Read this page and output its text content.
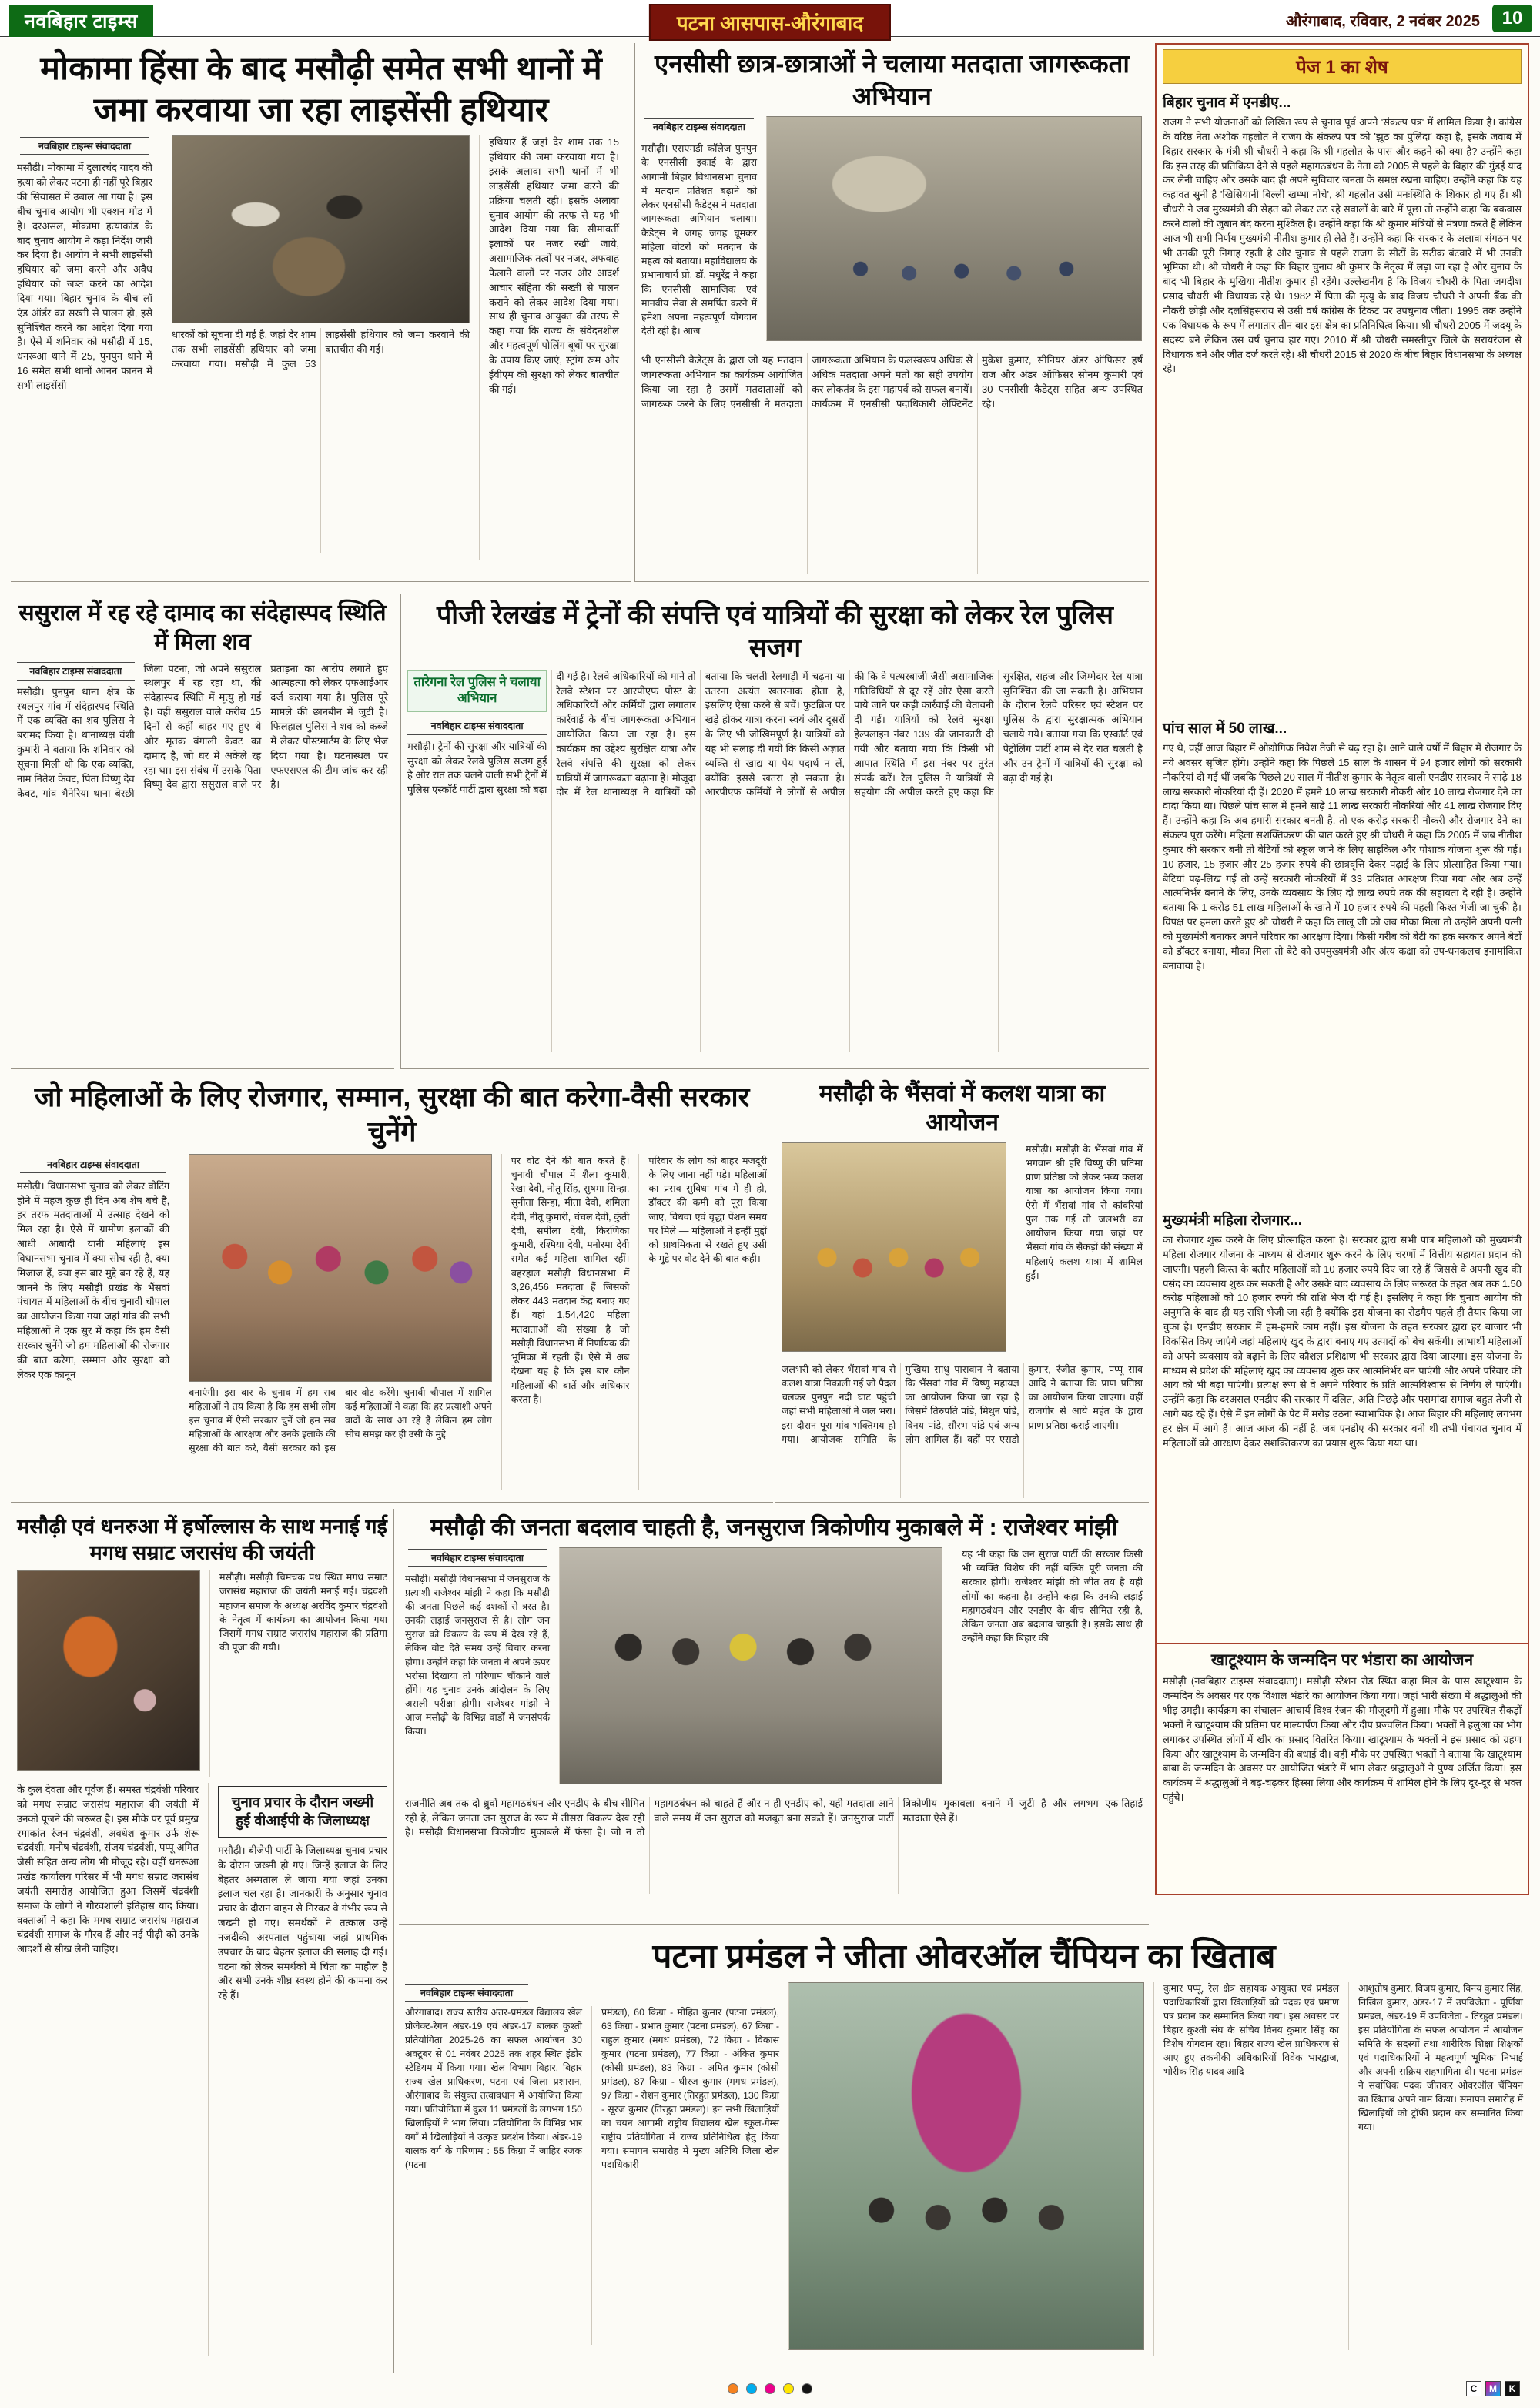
नवबिहार टाइम्स	पटना आसपास-औरंगाबाद	औरंगाबाद, रविवार, 2 नवंबर 2025	10
मोकामा हिंसा के बाद मसौढ़ी समेत सभी थानों में जमा करवाया जा रहा लाइसेंसी हथियार
नवबिहार टाइम्स संवाददाता
मसौढ़ी। मोकामा में दुलारचंद यादव की हत्या को लेकर पटना ही नहीं पूरे बिहार की सियासत में उबाल आ गया है। इस बीच चुनाव आयोग भी एक्शन मोड में है। दरअसल, मोकामा हत्याकांड के बाद चुनाव आयोग ने कड़ा निर्देश जारी कर दिया है। आयोग ने सभी लाइसेंसी हथियार को जमा करने और अवैध हथियार को जब्त करने का आदेश दिया गया। बिहार चुनाव के बीच लॉ एंड ऑर्डर का सख्ती से पालन हो, इसे सुनिश्चित करने का आदेश दिया गया है। ऐसे में शनिवार को मसौढ़ी में 15, धनरूआ थाने में 25, पुनपुन थाने में 16 समेत सभी थानों आनन फानन में सभी लाइसेंसी
धारकों को सूचना दी गई है, जहां देर शाम तक सभी लाइसेंसी हथियार को जमा करवाया गया। मसौढ़ी में कुल 53 लाइसेंसी हथियार को जमा करवाने की बातचीत की गई।
हथियार हैं जहां देर शाम तक 15 हथियार की जमा करवाया गया है। इसके अलावा सभी थानों में भी लाइसेंसी हथियार जमा करने की प्रक्रिया चलती रही। इसके अलावा चुनाव आयोग की तरफ से यह भी आदेश दिया गया कि सीमावर्ती इलाकों पर नजर रखी जाये, असामाजिक तत्वों पर नजर, अफवाह फैलाने वालों पर नजर और आदर्श आचार संहिता की सख्ती से पालन कराने को लेकर आदेश दिया गया। साथ ही चुनाव आयुक्त की तरफ से कहा गया कि राज्य के संवेदनशील और महत्वपूर्ण पोलिंग बूथों पर सुरक्षा के उपाय किए जाएं, स्ट्रांग रूम और ईवीएम की सुरक्षा को लेकर बातचीत की गई।
एनसीसी छात्र-छात्राओं ने चलाया मतदाता जागरूकता अभियान
नवबिहार टाइम्स संवाददाता
मसौढ़ी। एसएमडी कॉलेज पुनपुन के एनसीसी इकाई के द्वारा आगामी बिहार विधानसभा चुनाव में मतदान प्रतिशत बढ़ाने को लेकर एनसीसी कैडेट्स ने मतदाता जागरूकता अभियान चलाया। कैडेट्स ने जगह जगह घूमकर महिला वोटरों को मतदान के महत्व को बताया। महाविद्यालय के प्रभानाचार्य प्रो. डॉ. मधुरेंद्र ने कहा कि एनसीसी सामाजिक एवं मानवीय सेवा से समर्पित करने में हमेशा अपना महत्वपूर्ण योगदान देती रही है। आज
भी एनसीसी कैडेट्स के द्वारा जो यह मतदान जागरूकता अभियान का कार्यक्रम आयोजित किया जा रहा है उसमें मतदाताओं को जागरूक करने के लिए एनसीसी ने मतदाता जागरूकता अभियान के फलस्वरूप अधिक से अधिक मतदाता अपने मतों का सही उपयोग कर लोकतंत्र के इस महापर्व को सफल बनायें। कार्यक्रम में एनसीसी पदाधिकारी लेफ्टिनेंट मुकेश कुमार, सीनियर अंडर ऑफिसर हर्ष राज और अंडर ऑफिसर सोनम कुमारी एवं 30 एनसीसी कैडेट्स सहित अन्य उपस्थित रहे।
पेज 1 का शेष
बिहार चुनाव में एनडीए...
राजग ने सभी योजनाओं को लिखित रूप से चुनाव पूर्व अपने 'संकल्प पत्र' में शामिल किया है। कांग्रेस के वरिष्ठ नेता अशोक गहलोत ने राजग के संकल्प पत्र को 'झूठ का पुलिंदा' कहा है, इसके जवाब में बिहार सरकार के मंत्री श्री चौधरी ने कहा कि श्री गहलोत के पास और कहने को क्या है? उन्होंने कहा कि इस तरह की प्रतिक्रिया देने से पहले महागठबंधन के नेता को 2005 से पहले के बिहार की गुंडई याद कर लेनी चाहिए और उसके बाद ही अपने सुविचार जनता के समक्ष रखना चाहिए। उन्होंने कहा कि यह कहावत सुनी है 'खिसियानी बिल्ली खम्भा नोचे', श्री गहलोत उसी मनःस्थिति के शिकार हो गए हैं। श्री चौधरी ने जब मुख्यमंत्री की सेहत को लेकर उठ रहे सवालों के बारे में पूछा तो उन्होंने कहा कि बकवास करने वालों की जुबान बंद करना मुश्किल है। उन्होंने कहा कि श्री कुमार मंत्रियों से मंत्रणा करते हैं लेकिन आज भी सभी निर्णय मुख्यमंत्री नीतीश कुमार ही लेते हैं। उन्होंने कहा कि सरकार के अलावा संगठन पर भी उनकी पूरी निगाह रहती है और चुनाव से पहले राजग के सीटों के सटीक बंटवारे में भी उनकी भूमिका थी। श्री चौधरी ने कहा कि बिहार चुनाव श्री कुमार के नेतृत्व में लड़ा जा रहा है और चुनाव के बाद भी बिहार के मुखिया नीतीश कुमार ही रहेंगे। उल्लेखनीय है कि विजय चौधरी के पिता जगदीश प्रसाद चौधरी भी विधायक रहे थे। 1982 में पिता की मृत्यु के बाद विजय चौधरी ने अपनी बैंक की नौकरी छोड़ी और दलसिंहसराय से उसी वर्ष कांग्रेस के टिकट पर उपचुनाव जीता। 1995 तक उन्होंने एक विधायक के रूप में लगातार तीन बार इस क्षेत्र का प्रतिनिधित्व किया। श्री चौधरी 2005 में जदयू के सदस्य बने लेकिन उस वर्ष चुनाव हार गए। 2010 में श्री चौधरी समस्तीपुर जिले के सरायरंजन से विधायक बने और जीत दर्ज करते रहे। श्री चौधरी 2015 से 2020 के बीच बिहार विधानसभा के अध्यक्ष रहे।
पांच साल में 50 लाख...
गए थे, वहीं आज बिहार में औद्योगिक निवेश तेजी से बढ़ रहा है। आने वाले वर्षों में बिहार में रोजगार के नये अवसर सृजित होंगे। उन्होंने कहा कि पिछले 15 साल के शासन में 94 हजार लोगों को सरकारी नौकरियां दी गई थीं जबकि पिछले 20 साल में नीतीश कुमार के नेतृत्व वाली एनडीए सरकार ने साढ़े 18 लाख सरकारी नौकरियां दी हैं। 2020 में हमने 10 लाख सरकारी नौकरी और 10 लाख रोजगार देने का वादा किया था। पिछले पांच साल में हमने साढ़े 11 लाख सरकारी नौकरियां और 41 लाख रोजगार दिए हैं। उन्होंने कहा कि अब हमारी सरकार बनती है, तो एक करोड़ सरकारी नौकरी और रोजगार देने का संकल्प पूरा करेंगे। महिला सशक्तिकरण की बात करते हुए श्री चौधरी ने कहा कि 2005 में जब नीतीश कुमार की सरकार बनी तो बेटियों को स्कूल जाने के लिए साइकिल और पोशाक योजना शुरू की गई। 10 हजार, 15 हजार और 25 हजार रुपये की छात्रवृत्ति देकर पढ़ाई के लिए प्रोत्साहित किया गया। बेटियां पढ़-लिख गई तो उन्हें सरकारी नौकरियों में 33 प्रतिशत आरक्षण दिया गया और अब उन्हें आत्मनिर्भर बनाने के लिए, उनके व्यवसाय के लिए दो लाख रुपये तक की सहायता दे रही है। उन्होंने बताया कि 1 करोड़ 51 लाख महिलाओं के खाते में 10 हजार रुपये की पहली किश्त भेजी जा चुकी है। विपक्ष पर हमला करते हुए श्री चौधरी ने कहा कि लालू जी को जब मौका मिला तो उन्होंने अपनी पत्नी को मुख्यमंत्री बनाकर अपने परिवार का आरक्षण दिया। किसी गरीब को बेटी का हक सरकार अपने बेटों को डॉक्टर बनाया, मौका मिला तो बेटे को उपमुख्यमंत्री और अंत्य कक्षा को उप-धनकलच इनामांकित बनावाया है।
मुख्यमंत्री महिला रोजगार...
का रोजगार शुरू करने के लिए प्रोत्साहित करना है। सरकार द्वारा सभी पात्र महिलाओं को मुख्यमंत्री महिला रोजगार योजना के माध्यम से रोजगार शुरू करने के लिए चरणों में वित्तीय सहायता प्रदान की जाएगी। पहली किस्त के बतौर महिलाओं को 10 हजार रुपये दिए जा रहे हैं जिससे वे अपनी खुद की पसंद का व्यवसाय शुरू कर सकती हैं और उसके बाद व्यवसाय के लिए जरूरत के तहत अब तक 1.50 करोड़ महिलाओं को 10 हजार रुपये की राशि भेज दी गई है। इसलिए ने कहा कि चुनाव आयोग की अनुमति के बाद ही यह राशि भेजी जा रही है क्योंकि इस योजना का रोडमैप पहले ही तैयार किया जा चुका है। एनडीए सरकार में हम-हमारे काम नहीं। इस योजना के तहत सरकार द्वारा हर बाजार भी विकसित किए जाएंगे जहां महिलाएं खुद के द्वारा बनाए गए उत्पादों को बेच सकेंगी। लाभार्थी महिलाओं को अपने व्यवसाय को बढ़ाने के लिए कौशल प्रशिक्षण भी सरकार द्वारा दिया जाएगा। इस योजना के माध्यम से प्रदेश की महिलाएं खुद का व्यवसाय शुरू कर आत्मनिर्भर बन पाएंगी और अपने परिवार की आय को भी बढ़ा पाएंगी। प्रत्यक्ष रूप से वे अपने परिवार के प्रति आत्मविश्वास से निर्णय ले पाएंगी। उन्होंने कहा कि दरअसल एनडीए की सरकार में दलित, अति पिछड़े और पसमांदा समाज बहुत तेजी से आगे बढ़ रहे हैं। ऐसे में इन लोगों के पेट में मरोड़ उठना स्वाभाविक है। आज बिहार की महिलाएं लगभग हर क्षेत्र में आगे हैं। आज आज की नहीं है, जब एनडीए की सरकार बनी थी तभी पंचायत चुनाव में महिलाओं को आरक्षण देकर सशक्तिकरण का प्रयास शुरू किया गया था।
खाटूश्याम के जन्मदिन पर भंडारा का आयोजन
मसौढ़ी (नवबिहार टाइम्स संवाददाता)। मसौढ़ी स्टेशन रोड स्थित कहा मिल के पास खाटूश्याम के जन्मदिन के अवसर पर एक विशाल भंडारे का आयोजन किया गया। जहां भारी संख्या में श्रद्धालुओं की भीड़ उमड़ी। कार्यक्रम का संचालन आचार्य विश्व रंजन की मौजूदगी में हुआ। मौके पर उपस्थित सैकड़ों भक्तों ने खाटूश्याम की प्रतिमा पर माल्यार्पण किया और दीप प्रज्वलित किया। भक्तों ने हलुआ का भोग लगाकर उपस्थित लोगों में खीर का प्रसाद वितरित किया। खाटूश्याम के भक्तों ने इस प्रसाद को ग्रहण किया और खाटूश्याम के जन्मदिन की बधाई दी। वहीं मौके पर उपस्थित भक्तों ने बताया कि खाटूश्याम बाबा के जन्मदिन के अवसर पर आयोजित भंडारे में भाग लेकर श्रद्धालुओं ने पुण्य अर्जित किया। इस कार्यक्रम में श्रद्धालुओं ने बढ़-चढ़कर हिस्सा लिया और कार्यक्रम में शामिल होने के लिए दूर-दूर से भक्त पहुंचे।
ससुराल में रह रहे दामाद का संदेहास्पद स्थिति में मिला शव
नवबिहार टाइम्स संवाददाता
मसौढ़ी। पुनपुन थाना क्षेत्र के स्थलपुर गांव में संदेहास्पद स्थिति में एक व्यक्ति का शव पुलिस ने बरामद किया है। थानाध्यक्ष वंशी कुमारी ने बताया कि शनिवार को सूचना मिली थी कि एक व्यक्ति, नाम नितेश केवट, पिता विष्णु देव केवट, गांव भैनेरिया थाना बेरछी जिला पटना, जो अपने ससुराल स्थलपुर में रह रहा था, की संदेहास्पद स्थिति में मृत्यु हो गई है। वहीं ससुराल वाले करीब 15 दिनों से कहीं बाहर गए हुए थे और मृतक बंगाली केवट का दामाद है, जो घर में अकेले रह रहा था। इस संबंध में उसके पिता विष्णु देव द्वारा ससुराल वाले पर प्रताड़ना का आरोप लगाते हुए आत्महत्या को लेकर एफआईआर दर्ज कराया गया है। पुलिस पूरे मामले की छानबीन में जुटी है। फिलहाल पुलिस ने शव को कब्जे में लेकर पोस्टमार्टम के लिए भेज दिया गया है। घटनास्थल पर एफएसएल की टीम जांच कर रही है।
पीजी रेलखंड में ट्रेनों की संपत्ति एवं यात्रियों की सुरक्षा को लेकर रेल पुलिस सजग
तारेगना रेल पुलिस ने चलाया अभियान
नवबिहार टाइम्स संवाददाता
मसौढ़ी। ट्रेनों की सुरक्षा और यात्रियों की सुरक्षा को लेकर रेलवे पुलिस सजग हुई है और रात तक चलने वाली सभी ट्रेनों में पुलिस एस्कॉर्ट पार्टी द्वारा सुरक्षा को बढ़ा दी गई है। रेलवे अधिकारियों की माने तो रेलवे स्टेशन पर आरपीएफ पोस्ट के अधिकारियों और कर्मियों द्वारा लगातार कार्रवाई के बीच जागरूकता अभियान आयोजित किया जा रहा है। इस कार्यक्रम का उद्देश्य सुरक्षित यात्रा और रेलवे संपत्ति की सुरक्षा को लेकर यात्रियों में जागरूकता बढ़ाना है। मौजूदा दौर में रेल थानाध्यक्ष ने यात्रियों को बताया कि चलती रेलगाड़ी में चढ़ना या उतरना अत्यंत खतरनाक होता है, इसलिए ऐसा करने से बचें। फुटब्रिज पर खड़े होकर यात्रा करना स्वयं और दूसरों के लिए भी जोखिमपूर्ण है। यात्रियों को यह भी सलाह दी गयी कि किसी अज्ञात व्यक्ति से खाद्य या पेय पदार्थ न लें, क्योंकि इससे खतरा हो सकता है। आरपीएफ कर्मियों ने लोगों से अपील की कि वे पत्थरबाजी जैसी असामाजिक गतिविधियों से दूर रहें और ऐसा करते पाये जाने पर कड़ी कार्रवाई की चेतावनी दी गई। यात्रियों को रेलवे सुरक्षा हेल्पलाइन नंबर 139 की जानकारी दी गयी और बताया गया कि किसी भी आपात स्थिति में इस नंबर पर तुरंत संपर्क करें। रेल पुलिस ने यात्रियों से सहयोग की अपील करते हुए कहा कि सुरक्षित, सहज और जिम्मेदार रेल यात्रा सुनिश्चित की जा सकती है। अभियान के दौरान रेलवे परिसर एवं स्टेशन पर पुलिस के द्वारा सुरक्षात्मक अभियान चलाये गये। बताया गया कि एस्कॉर्ट एवं पेट्रोलिंग पार्टी शाम से देर रात चलती है और उन ट्रेनों में यात्रियों की सुरक्षा को बढ़ा दी गई है।
जो महिलाओं के लिए रोजगार, सम्मान, सुरक्षा की बात करेगा-वैसी सरकार चुनेंगे
नवबिहार टाइम्स संवाददाता
मसौढ़ी। विधानसभा चुनाव को लेकर वोटिंग होने में महज कुछ ही दिन अब शेष बचे हैं, हर तरफ मतदाताओं में उत्साह देखने को मिल रहा है। ऐसे में ग्रामीण इलाकों की आधी आबादी यानी महिलाएं इस विधानसभा चुनाव में क्या सोच रही है, क्या मिजाज हैं, क्या इस बार मुद्दे बन रहे हैं, यह जानने के लिए मसौढ़ी प्रखंड के भैंसवां पंचायत में महिलाओं के बीच चुनावी चौपाल का आयोजन किया गया जहां गांव की सभी महिलाओं ने एक सुर में कहा कि हम वैसी सरकार चुनेंगे जो हम महिलाओं की रोजगार की बात करेगा, सम्मान और सुरक्षा को लेकर एक कानून
बनाएंगी। इस बार के चुनाव में हम सब महिलाओं ने तय किया है कि हम सभी लोग इस चुनाव में ऐसी सरकार चुनें जो हम सब महिलाओं के आरक्षण और उनके इलाके की सुरक्षा की बात करे, वैसी सरकार को इस बार वोट करेंगे। चुनावी चौपाल में शामिल कई महिलाओं ने कहा कि हर प्रत्याशी अपने वादों के साथ आ रहे हैं लेकिन हम लोग सोच समझ कर ही उसी के मुद्दे
पर वोट देने की बात करते हैं। चुनावी चौपाल में शैला कुमारी, रेखा देवी, नीतू सिंह, सुषमा सिन्हा, सुनीता सिन्हा, मीता देवी, शमिला देवी, नीतू कुमारी, चंचल देवी, कुंती देवी, समीला देवी, किरणिका कुमारी, रश्मिया देवी, मनोरमा देवी समेत कई महिला शामिल रहीं। बहरहाल मसौढ़ी विधानसभा में 3,26,456 मतदाता हैं जिसको लेकर 443 मतदान केंद्र बनाए गए हैं। वहां 1,54,420 महिला मतदाताओं की संख्या है जो मसौढ़ी विधानसभा में निर्णायक की भूमिका में रहती हैं। ऐसे में अब देखना यह है कि इस बार कौन महिलाओं की बातें और अधिकार करता है।
परिवार के लोग को बाहर मजदूरी के लिए जाना नहीं पड़े। महिलाओं का प्रसव सुविधा गांव में ही हो, डॉक्टर की कमी को पूरा किया जाए, विधवा एवं वृद्धा पेंशन समय पर मिले — महिलाओं ने इन्हीं मुद्दों को प्राथमिकता से रखते हुए उसी के मुद्दे पर वोट देने की बात कही।
मसौढ़ी के भैंसवां में कलश यात्रा का आयोजन
मसौढ़ी। मसौढ़ी के भैंसवां गांव में भगवान श्री हरि विष्णु की प्रतिमा प्राण प्रतिष्ठा को लेकर भव्य कलश यात्रा का आयोजन किया गया। ऐसे में भैंसवां गांव से कांवरियां पुल तक गई तो जलभरी का आयोजन किया गया जहां पर भैंसवां गांव के सैकड़ों की संख्या में महिलाएं कलश यात्रा में शामिल हुईं।
जलभरी को लेकर भैंसवां गांव से कलश यात्रा निकाली गई जो पैदल चलकर पुनपुन नदी घाट पहुंची जहां सभी महिलाओं ने जल भरा। इस दौरान पूरा गांव भक्तिमय हो गया। आयोजक समिति के मुखिया साधु पासवान ने बताया कि भैंसवां गांव में विष्णु महायज्ञ का आयोजन किया जा रहा है जिसमें तिरुपति पांडे, मिथुन पांडे, विनय पांडे, सौरभ पांडे एवं अन्य लोग शामिल हैं। वहीं पर एसडो कुमार, रंजीत कुमार, पप्पू साव आदि ने बताया कि प्राण प्रतिष्ठा का आयोजन किया जाएगा। वहीं राजगीर से आये महंत के द्वारा प्राण प्रतिष्ठा कराई जाएगी।
मसौढ़ी एवं धनरुआ में हर्षोल्लास के साथ मनाई गई मगध सम्राट जरासंध की जयंती
मसौढ़ी। मसौढ़ी चिमचक पथ स्थित मगध सम्राट जरासंध महाराज की जयंती मनाई गई। चंद्रवंशी महाजन समाज के अध्यक्ष अरविंद कुमार चंद्रवंशी के नेतृत्व में कार्यक्रम का आयोजन किया गया जिसमें मगध सम्राट जरासंध महाराज की प्रतिमा की पूजा की गयी।
के कुल देवता और पूर्वज हैं। समस्त चंद्रवंशी परिवार को मगध सम्राट जरासंध महाराज की जयंती में उनको पूजने की जरूरत है। इस मौके पर पूर्व प्रमुख रमाकांत रंजन चंद्रवंशी, अवधेश कुमार उर्फ शेरू चंद्रवंशी, मनीष चंद्रवंशी, संजय चंद्रवंशी, पप्पू अमित जैसी सहित अन्य लोग भी मौजूद रहे। वहीं धनरूआ प्रखंड कार्यालय परिसर में भी मगध सम्राट जरासंध जयंती समारोह आयोजित हुआ जिसमें चंद्रवंशी समाज के लोगों ने गौरवशाली इतिहास याद किया। वक्ताओं ने कहा कि मगध सम्राट जरासंध महाराज चंद्रवंशी समाज के गौरव हैं और नई पीढ़ी को उनके आदर्शों से सीख लेनी चाहिए।
चुनाव प्रचार के दौरान जख्मी हुई वीआईपी के जिलाध्यक्ष
मसौढ़ी। बीजेपी पार्टी के जिलाध्यक्ष चुनाव प्रचार के दौरान जख्मी हो गए। जिन्हें इलाज के लिए बेहतर अस्पताल ले जाया गया जहां उनका इलाज चल रहा है। जानकारी के अनुसार चुनाव प्रचार के दौरान वाहन से गिरकर वे गंभीर रूप से जख्मी हो गए। समर्थकों ने तत्काल उन्हें नजदीकी अस्पताल पहुंचाया जहां प्राथमिक उपचार के बाद बेहतर इलाज की सलाह दी गई। घटना को लेकर समर्थकों में चिंता का माहौल है और सभी उनके शीघ्र स्वस्थ होने की कामना कर रहे हैं।
मसौढ़ी की जनता बदलाव चाहती है, जनसुराज त्रिकोणीय मुकाबले में : राजेश्वर मांझी
नवबिहार टाइम्स संवाददाता
मसौढ़ी। मसौढ़ी विधानसभा में जनसुराज के प्रत्याशी राजेश्वर मांझी ने कहा कि मसौढ़ी की जनता पिछले कई दशकों से त्रस्त है। उनकी लड़ाई जनसुराज से है। लोग जन सुराज को विकल्प के रूप में देख रहे हैं, लेकिन वोट देते समय उन्हें विचार करना होगा। उन्होंने कहा कि जनता ने अपने ऊपर भरोसा दिखाया तो परिणाम चौंकाने वाले होंगे। यह चुनाव उनके आंदोलन के लिए असली परीक्षा होगी। राजेश्वर मांझी ने आज मसौढ़ी के विभिन्न वार्डों में जनसंपर्क किया।
यह भी कहा कि जन सुराज पार्टी की सरकार किसी भी व्यक्ति विशेष की नहीं बल्कि पूरी जनता की सरकार होगी। राजेश्वर मांझी की जीत तय है यही लोगों का कहना है। उन्होंने कहा कि उनकी लड़ाई महागठबंधन और एनडीए के बीच सीमित रही है, लेकिन जनता अब बदलाव चाहती है। इसके साथ ही उन्होंने कहा कि बिहार की
राजनीति अब तक दो ध्रुवों महागठबंधन और एनडीए के बीच सीमित रही है, लेकिन जनता जन सुराज के रूप में तीसरा विकल्प देख रही है। मसौढ़ी विधानसभा त्रिकोणीय मुकाबले में फंसा है। जो न तो महागठबंधन को चाहते हैं और न ही एनडीए को, यही मतदाता आने वाले समय में जन सुराज को मजबूत बना सकते हैं। जनसुराज पार्टी त्रिकोणीय मुकाबला बनाने में जुटी है और लगभग एक-तिहाई मतदाता ऐसे हैं।
पटना प्रमंडल ने जीता ओवरऑल चैंपियन का खिताब
नवबिहार टाइम्स संवाददाता
औरंगाबाद। राज्य स्तरीय अंतर-प्रमंडल विद्यालय खेल प्रोजेक्ट-रेगन अंडर-19 एवं अंडर-17 बालक कुश्ती प्रतियोगिता 2025-26 का सफल आयोजन 30 अक्टूबर से 01 नवंबर 2025 तक शहर स्थित इंडोर स्टेडियम में किया गया। खेल विभाग बिहार, बिहार राज्य खेल प्राधिकरण, पटना एवं जिला प्रशासन, औरंगाबाद के संयुक्त तत्वावधान में आयोजित किया गया। प्रतियोगिता में कुल 11 प्रमंडलों के लगभग 150 खिलाड़ियों ने भाग लिया। प्रतियोगिता के विभिन्न भार वर्गों में खिलाड़ियों ने उत्कृष्ट प्रदर्शन किया। अंडर-19 बालक वर्ग के परिणाम : 55 किग्रा में जाहिर रजक (पटना
प्रमंडल), 60 किग्रा - मोहित कुमार (पटना प्रमंडल), 63 किग्रा - प्रभात कुमार (पटना प्रमंडल), 67 किग्रा - राहुल कुमार (मगध प्रमंडल), 72 किग्रा - विकास कुमार (पटना प्रमंडल), 77 किग्रा - अंकित कुमार (कोसी प्रमंडल), 83 किग्रा - अमित कुमार (कोसी प्रमंडल), 87 किग्रा - धीरज कुमार (मगध प्रमंडल), 97 किग्रा - रोशन कुमार (तिरहुत प्रमंडल), 130 किग्रा - सूरज कुमार (तिरहुत प्रमंडल)। इन सभी खिलाड़ियों का चयन आगामी राष्ट्रीय विद्यालय खेल स्कूल-गेम्स राष्ट्रीय प्रतियोगिता में राज्य प्रतिनिधित्व हेतु किया गया। समापन समारोह में मुख्य अतिथि जिला खेल पदाधिकारी
कुमार पप्पू, रेल क्षेत्र सहायक आयुक्त एवं प्रमंडल पदाधिकारियों द्वारा खिलाड़ियों को पदक एवं प्रमाण पत्र प्रदान कर सम्मानित किया गया। इस अवसर पर बिहार कुश्ती संघ के सचिव विनय कुमार सिंह का विशेष योगदान रहा। बिहार राज्य खेल प्राधिकरण से आए हुए तकनीकी अधिकारियों विवेक भारद्वाज, भोरीक सिंह यादव आदि
आशुतोष कुमार, विजय कुमार, विनय कुमार सिंह, निखिल कुमार, अंडर-17 में उपविजेता - पूर्णिया प्रमंडल, अंडर-19 में उपविजेता - तिरहुत प्रमंडल। इस प्रतियोगिता के सफल आयोजन में आयोजन समिति के सदस्यों तथा शारीरिक शिक्षा शिक्षकों एवं पदाधिकारियों ने महत्वपूर्ण भूमिका निभाई और अपनी सक्रिय सहभागिता दी। पटना प्रमंडल ने सर्वाधिक पदक जीतकर ओवरऑल चैंपियन का खिताब अपने नाम किया। समापन समारोह में खिलाड़ियों को ट्रॉफी प्रदान कर सम्मानित किया गया।
C	M	K
